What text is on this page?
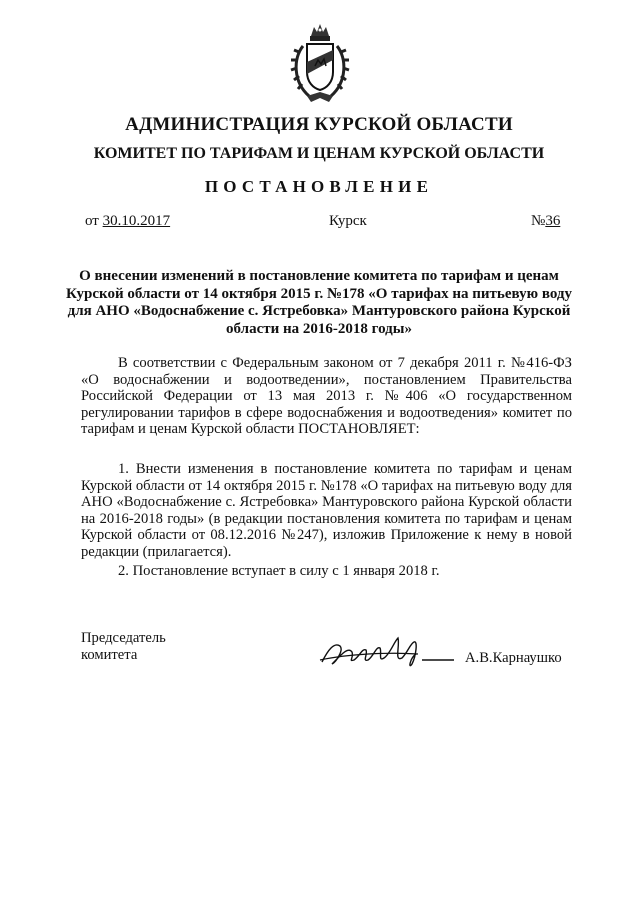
АДМИНИСТРАЦИЯ КУРСКОЙ ОБЛАСТИ
КОМИТЕТ ПО ТАРИФАМ И ЦЕНАМ КУРСКОЙ ОБЛАСТИ
ПОСТАНОВЛЕНИЕ
от 30.10.2017	Курск	№36
О внесении изменений в постановление комитета по тарифам и ценам Курской области от 14 октября 2015 г. №178 «О тарифах на питьевую воду для АНО «Водоснабжение с. Ястребовка» Мантуровского района Курской области на 2016-2018 годы»

В соответствии с Федеральным законом от 7 декабря 2011 г. №416-ФЗ «О водоснабжении и водоотведении», постановлением Правительства Российской Федерации от 13 мая 2013 г. №406 «О государственном регулировании тарифов в сфере водоснабжения и водоотведения» комитет по тарифам и ценам Курской области ПОСТАНОВЛЯЕТ:

1. Внести изменения в постановление комитета по тарифам и ценам Курской области от 14 октября 2015 г. №178 «О тарифах на питьевую воду для АНО «Водоснабжение с. Ястребовка» Мантуровского района Курской области на 2016-2018 годы» (в редакции постановления комитета по тарифам и ценам Курской области от 08.12.2016 №247), изложив Приложение к нему в новой редакции (прилагается).

2. Постановление вступает в силу с 1 января 2018 г.

Председатель
комитета	А.В.Карнаушко
